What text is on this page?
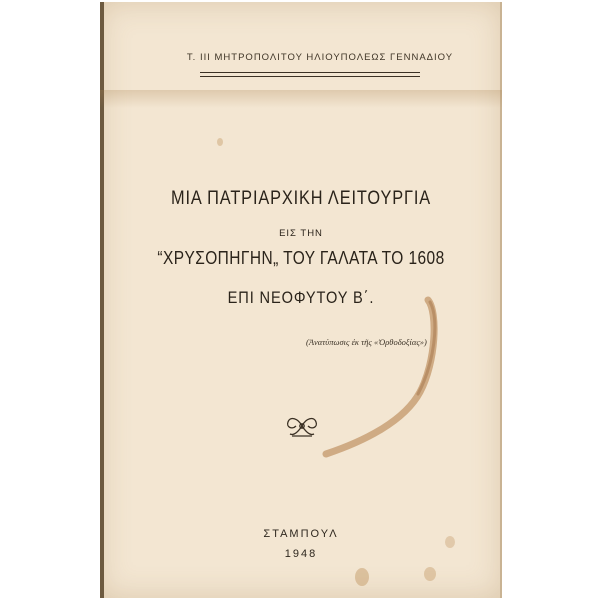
Τ. ΙΙΙ ΜΗΤΡΟΠΟΛΙΤΟΥ ΗΛΙΟΥΠΟΛΕΩΣ ΓΕΝΝΑΔΙΟΥ
ΜΙΑ ΠΑΤΡΙΑΡΧΙΚΗ ΛΕΙΤΟΥΡΓΙΑ
ΕΙΣ ΤΗΝ
“ΧΡΥΣΟΠΗΓΗΝ„ ΤΟΥ ΓΑΛΑΤΑ ΤΟ 1608
ΕΠΙ ΝΕΟΦΥΤΟΥ Β΄.
(Ἀνατύπωσις ἐκ τῆς «Ὀρθοδοξίας»)
ΣΤΑΜΠΟΥΛ
1948
